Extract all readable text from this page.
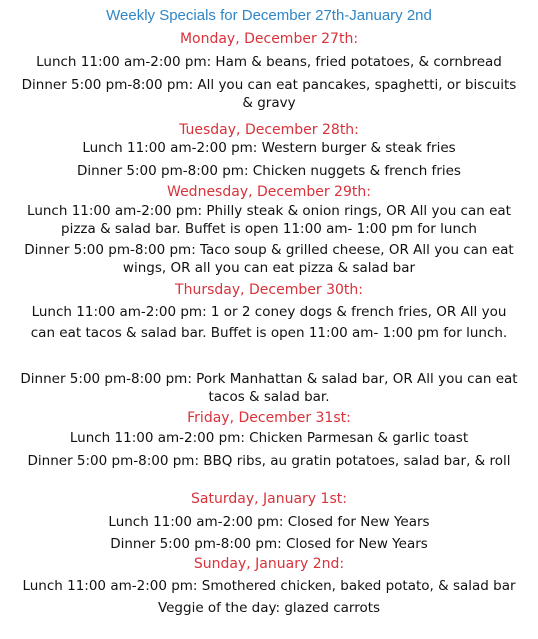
Weekly Specials for December 27th-January 2nd
Monday, December 27th:
Lunch 11:00 am-2:00 pm: Ham & beans, fried potatoes, & cornbread
Dinner 5:00 pm-8:00 pm: All you can eat pancakes, spaghetti, or biscuits & gravy
Tuesday, December 28th:
Lunch 11:00 am-2:00 pm: Western burger & steak fries
Dinner 5:00 pm-8:00 pm: Chicken nuggets & french fries
Wednesday, December 29th:
Lunch 11:00 am-2:00 pm: Philly steak & onion rings, OR All you can eat pizza & salad bar. Buffet is open 11:00 am- 1:00 pm for lunch
Dinner 5:00 pm-8:00 pm: Taco soup & grilled cheese, OR All you can eat wings, OR all you can eat pizza & salad bar
Thursday, December 30th:
Lunch 11:00 am-2:00 pm: 1 or 2 coney dogs & french fries, OR All you can eat tacos & salad bar. Buffet is open 11:00 am- 1:00 pm for lunch.
Dinner 5:00 pm-8:00 pm: Pork Manhattan & salad bar, OR All you can eat tacos & salad bar.
Friday, December 31st:
Lunch 11:00 am-2:00 pm: Chicken Parmesan & garlic toast
Dinner 5:00 pm-8:00 pm: BBQ ribs, au gratin potatoes, salad bar, & roll
Saturday, January 1st:
Lunch 11:00 am-2:00 pm: Closed for New Years
Dinner 5:00 pm-8:00 pm: Closed for New Years
Sunday, January 2nd:
Lunch 11:00 am-2:00 pm: Smothered chicken, baked potato, & salad bar
Veggie of the day: glazed carrots
